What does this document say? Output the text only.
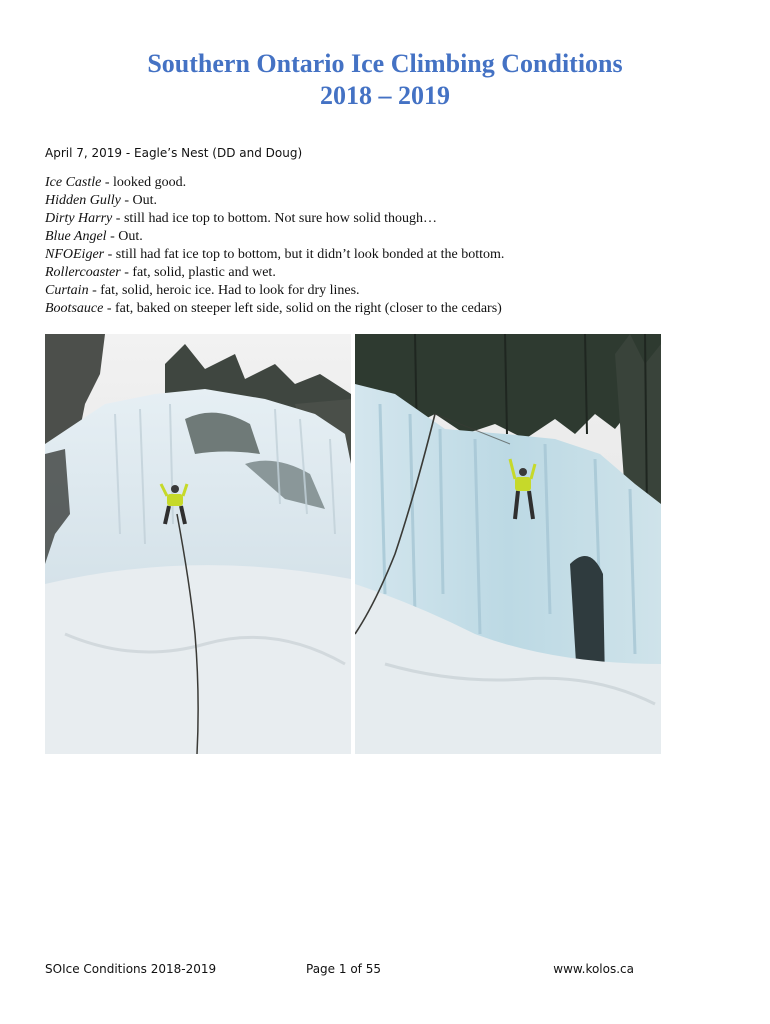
Southern Ontario Ice Climbing Conditions
2018 – 2019
April 7, 2019 - Eagle’s Nest (DD and Doug)
Ice Castle - looked good.
Hidden Gully - Out.
Dirty Harry - still had ice top to bottom. Not sure how solid though…
Blue Angel - Out.
NFOEiger - still had fat ice top to bottom, but it didn’t look bonded at the bottom.
Rollercoaster - fat, solid, plastic and wet.
Curtain - fat, solid, heroic ice. Had to look for dry lines.
Bootsauce - fat, baked on steeper left side, solid on the right (closer to the cedars)
SOIce Conditions 2018-2019	Page 1 of 55	www.kolos.ca
